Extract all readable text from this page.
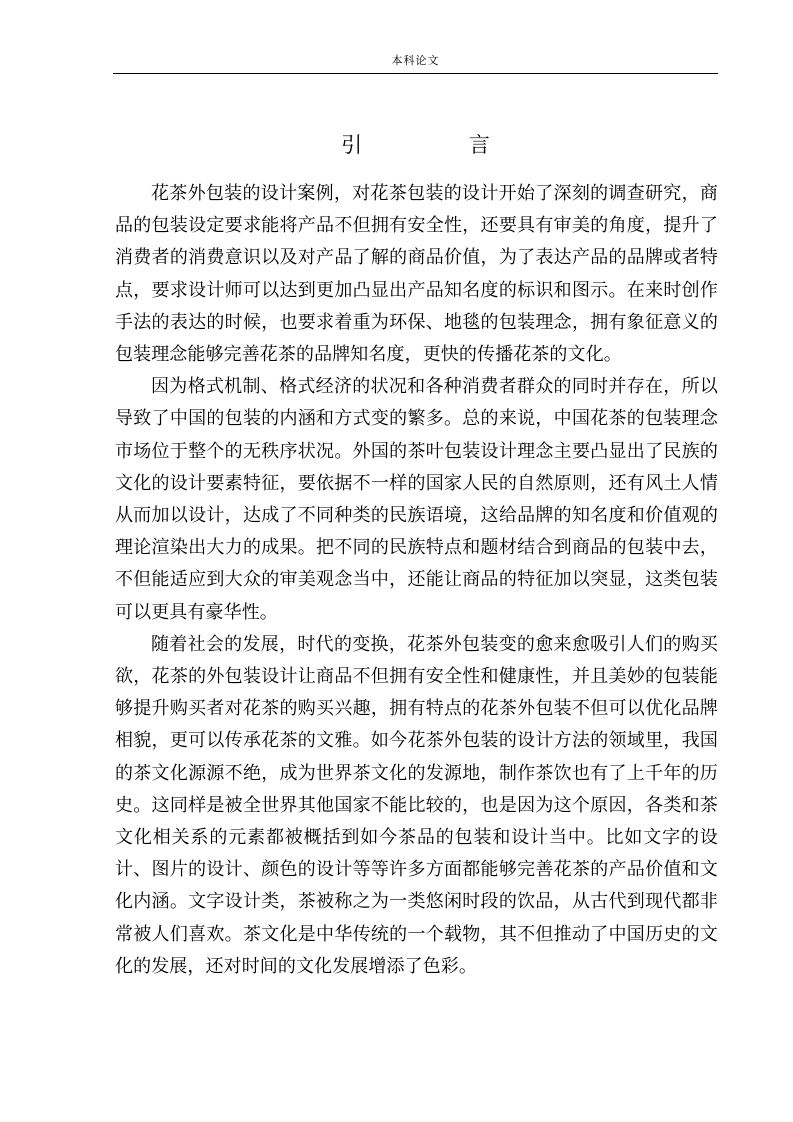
本科论文
引 言

花茶外包装的设计案例，对花茶包装的设计开始了深刻的调查研究，商品的包装设定要求能将产品不但拥有安全性，还要具有审美的角度，提升了消费者的消费意识以及对产品了解的商品价值，为了表达产品的品牌或者特点，要求设计师可以达到更加凸显出产品知名度的标识和图示。在来时创作手法的表达的时候，也要求着重为环保、地毯的包装理念，拥有象征意义的包装理念能够完善花茶的品牌知名度，更快的传播花茶的文化。

因为格式机制、格式经济的状况和各种消费者群众的同时并存在，所以导致了中国的包装的内涵和方式变的繁多。总的来说，中国花茶的包装理念市场位于整个的无秩序状况。外国的茶叶包装设计理念主要凸显出了民族的文化的设计要素特征，要依据不一样的国家人民的自然原则，还有风土人情从而加以设计，达成了不同种类的民族语境，这给品牌的知名度和价值观的理论渲染出大力的成果。把不同的民族特点和题材结合到商品的包装中去，不但能适应到大众的审美观念当中，还能让商品的特征加以突显，这类包装可以更具有豪华性。

随着社会的发展，时代的变换，花茶外包装变的愈来愈吸引人们的购买欲，花茶的外包装设计让商品不但拥有安全性和健康性，并且美妙的包装能够提升购买者对花茶的购买兴趣，拥有特点的花茶外包装不但可以优化品牌相貌，更可以传承花茶的文雅。如今花茶外包装的设计方法的领域里，我国的茶文化源源不绝，成为世界茶文化的发源地，制作茶饮也有了上千年的历史。这同样是被全世界其他国家不能比较的，也是因为这个原因，各类和茶文化相关系的元素都被概括到如今茶品的包装和设计当中。比如文字的设计、图片的设计、颜色的设计等等许多方面都能够完善花茶的产品价值和文化内涵。文字设计类，茶被称之为一类悠闲时段的饮品，从古代到现代都非常被人们喜欢。茶文化是中华传统的一个载物，其不但推动了中国历史的文化的发展，还对时间的文化发展增添了色彩。
